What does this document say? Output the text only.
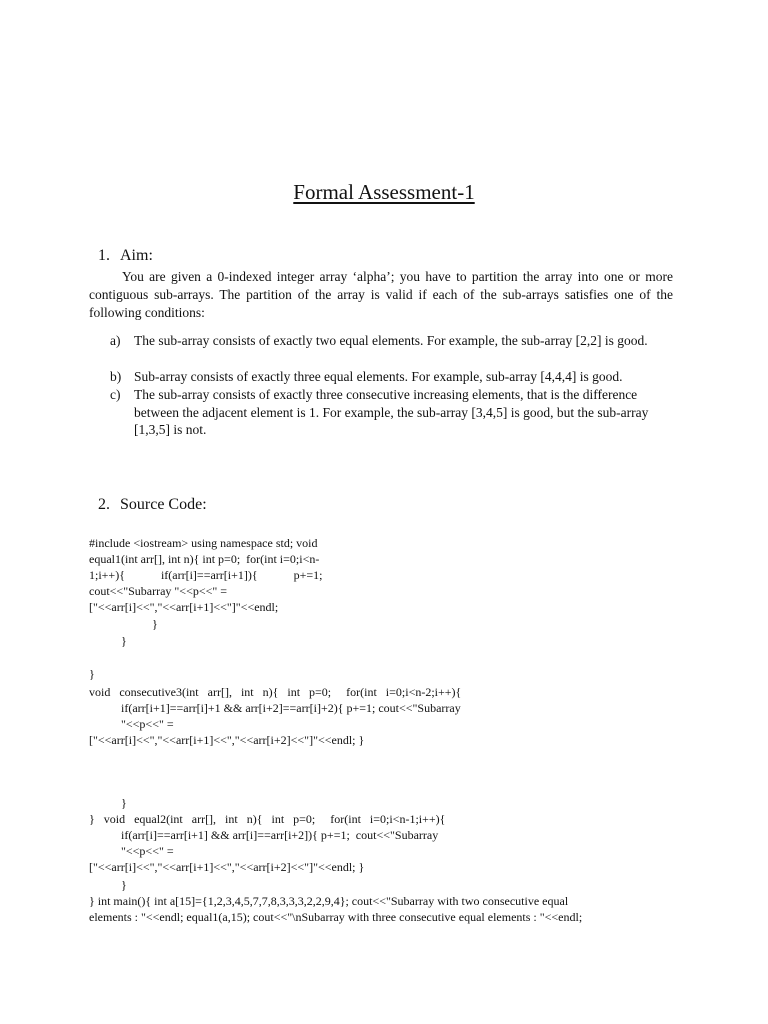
Formal Assessment-1
1. Aim:
You are given a 0-indexed integer array ‘alpha’; you have to partition the array into one or more contiguous sub-arrays. The partition of the array is valid if each of the sub-arrays satisfies one of the following conditions:
a) The sub-array consists of exactly two equal elements. For example, the sub-array [2,2] is good.
b) Sub-array consists of exactly three equal elements. For example, sub-array [4,4,4] is good.
c) The sub-array consists of exactly three consecutive increasing elements, that is the difference between the adjacent element is 1. For example, the sub-array [3,4,5] is good, but the sub-array [1,3,5] is not.
2. Source Code:
#include <iostream> using namespace std; void
equal1(int arr[], int n){ int p=0;  for(int i=0;i<n-
1;i++){            if(arr[i]==arr[i+1]){            p+=1;
cout<<"Subarray "<<p<<" =
["<<arr[i]<<","<<arr[i+1]<<"]"<<endl;
}
}
}
void   consecutive3(int   arr[],   int   n){   int   p=0;     for(int   i=0;i<n-2;i++){
if(arr[i+1]==arr[i]+1 && arr[i+2]==arr[i]+2){ p+=1; cout<<"Subarray
"<<p<<" =
["<<arr[i]<<","<<arr[i+1]<<","<<arr[i+2]<<"]"<<endl; }
}
}   void   equal2(int   arr[],   int   n){   int   p=0;     for(int   i=0;i<n-1;i++){
if(arr[i]==arr[i+1] && arr[i]==arr[i+2]){ p+=1;  cout<<"Subarray
"<<p<<" =
["<<arr[i]<<","<<arr[i+1]<<","<<arr[i+2]<<"]"<<endl; }
}
} int main(){ int a[15]={1,2,3,4,5,7,7,8,3,3,3,2,2,9,4}; cout<<"Subarray with two consecutive equal
elements : "<<endl; equal1(a,15); cout<<"\nSubarray with three consecutive equal elements : "<<endl;
